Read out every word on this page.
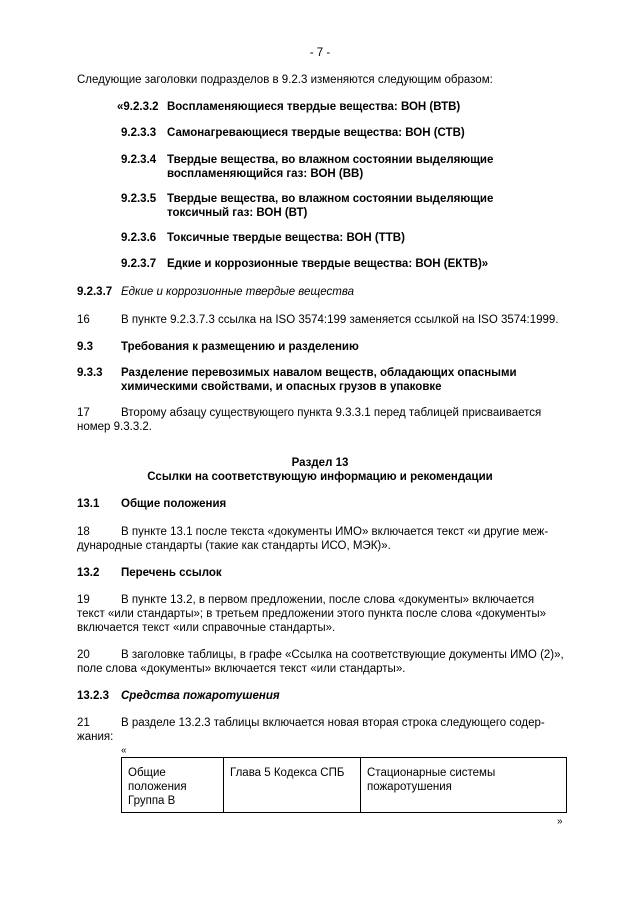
- 7 -
Следующие заголовки подразделов в 9.2.3 изменяются следующим образом:
«9.2.3.2 Воспламеняющиеся твердые вещества: ВОН (ВТВ)
9.2.3.3 Самонагревающиеся твердые вещества: ВОН (СТВ)
9.2.3.4 Твердые вещества, во влажном состоянии выделяющие воспламеняющийся газ: ВОН (ВВ)
9.2.3.5 Твердые вещества, во влажном состоянии выделяющие токсичный газ: ВОН (ВТ)
9.2.3.6 Токсичные твердые вещества: ВОН (ТТВ)
9.2.3.7 Едкие и коррозионные твердые вещества: ВОН (ЕКТВ)»
9.2.3.7 Едкие и коррозионные твердые вещества
16	В пункте 9.2.3.7.3 ссылка на ISO 3574:199 заменяется ссылкой на ISO 3574:1999.
9.3 Требования к размещению и разделению
9.3.3 Разделение перевозимых навалом веществ, обладающих опасными химическими свойствами, и опасных грузов в упаковке
17	Второму абзацу существующего пункта 9.3.3.1 перед таблицей присваивается
номер 9.3.3.2.
Раздел 13
Ссылки на соответствующую информацию и рекомендации
13.1 Общие положения
18	В пункте 13.1 после текста «документы ИМО» включается текст «и другие меж-
дународные стандарты (такие как стандарты ИСО, МЭК)».
13.2 Перечень ссылок
19	В пункте 13.2, в первом предложении, после слова «документы» включается
текст «или стандарты»; в третьем предложении этого пункта после слова «документы»
включается текст «или справочные стандарты».
20	В заголовке таблицы, в графе «Ссылка на соответствующие документы ИМО (2)»,
поле слова «документы» включается текст «или стандарты».
13.2.3 Средства пожаротушения
21	В разделе 13.2.3 таблицы включается новая вторая строка следующего содер-
жания:
«
Общие положения Группа В	Глава 5 Кодекса СПБ	Стационарные системы пожаротушения
»
